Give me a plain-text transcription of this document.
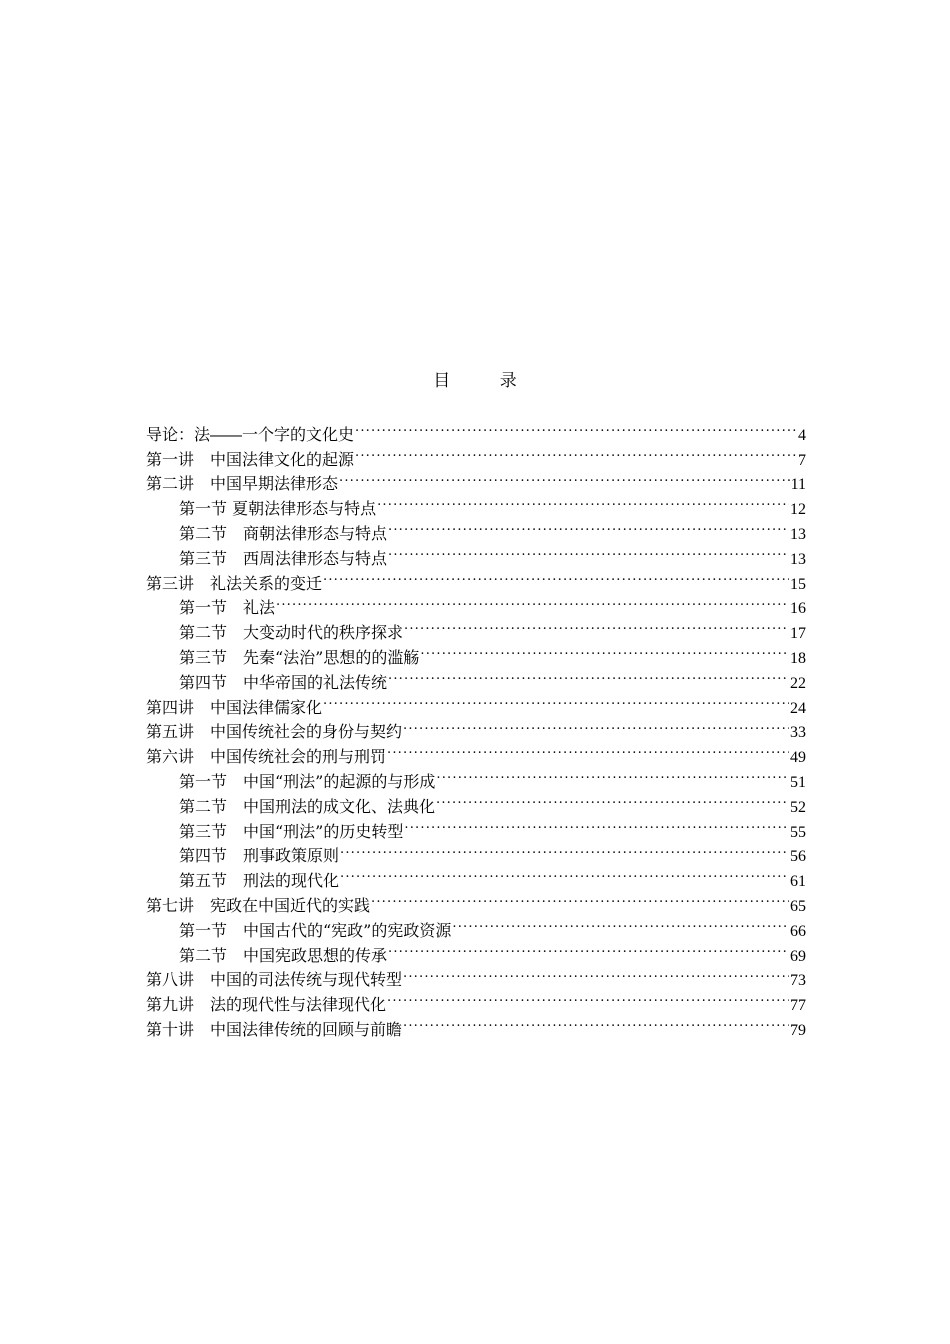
目 录
导论：法――一个字的文化史 .....	4
第一讲　中国法律文化的起源 .....	7
第二讲　中国早期法律形态 .....	11
第一节 夏朝法律形态与特点 .....	12
第二节　商朝法律形态与特点 .....	13
第三节　西周法律形态与特点 .....	13
第三讲　礼法关系的变迁 .....	15
第一节　礼法 .....	16
第二节　大变动时代的秩序探求 .....	17
第三节　先秦“法治”思想的的滥觞 .....	18
第四节　中华帝国的礼法传统 .....	22
第四讲　中国法律儒家化 .....	24
第五讲　中国传统社会的身份与契约 .....	33
第六讲　中国传统社会的刑与刑罚 .....	49
第一节　中国“刑法”的起源的与形成 .....	51
第二节　中国刑法的成文化、法典化 .....	52
第三节　中国“刑法”的历史转型 .....	55
第四节　刑事政策原则 .....	56
第五节　刑法的现代化 .....	61
第七讲　宪政在中国近代的实践 .....	65
第一节　中国古代的“宪政”的宪政资源 .....	66
第二节　中国宪政思想的传承 .....	69
第八讲　中国的司法传统与现代转型 .....	73
第九讲　法的现代性与法律现代化 .....	77
第十讲　中国法律传统的回顾与前瞻 .....	79
